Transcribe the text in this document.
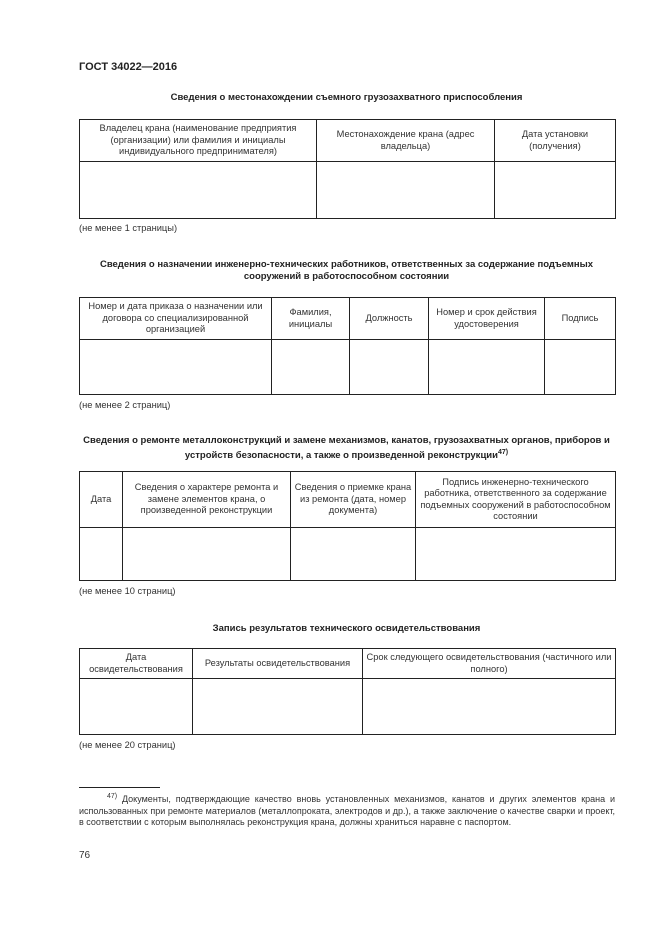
ГОСТ 34022—2016
Сведения о местонахождении съемного грузозахватного приспособления
Владелец крана (наименование предприятия (организации) или фамилия и инициалы индивидуального предпринимателя)	Местонахождение крана (адрес владельца)	Дата установки (получения)

(не менее 1 страницы)
Сведения о назначении инженерно-технических работников, ответственных за содержание подъемных сооружений в работоспособном состоянии
Номер и дата приказа о назначении или договора со специализированной организацией	Фамилия, инициалы	Должность	Номер и срок действия удостоверения	Подпись

(не менее 2 страниц)
Сведения о ремонте металлоконструкций и замене механизмов, канатов, грузозахватных органов, приборов и устройств безопасности, а также о произведенной реконструкции$^{47)}$
Дата	Сведения о характере ремонта и замене элементов крана, о произведенной реконструкции	Сведения о приемке крана из ремонта (дата, номер документа)	Подпись инженерно-технического работника, ответственного за содержание подъемных сооружений в работоспособном состоянии

(не менее 10 страниц)
Запись результатов технического освидетельствования
Дата освидетельствования	Результаты освидетельствования	Срок следующего освидетельствования (частичного или полного)

(не менее 20 страниц)
$^{47)}$ Документы, подтверждающие качество вновь установленных механизмов, канатов и других элементов крана и использованных при ремонте материалов (металлопроката, электродов и др.), а также заключение о качестве сварки и проект, в соответствии с которым выполнялась реконструкция крана, должны храниться наравне с паспортом.
76
